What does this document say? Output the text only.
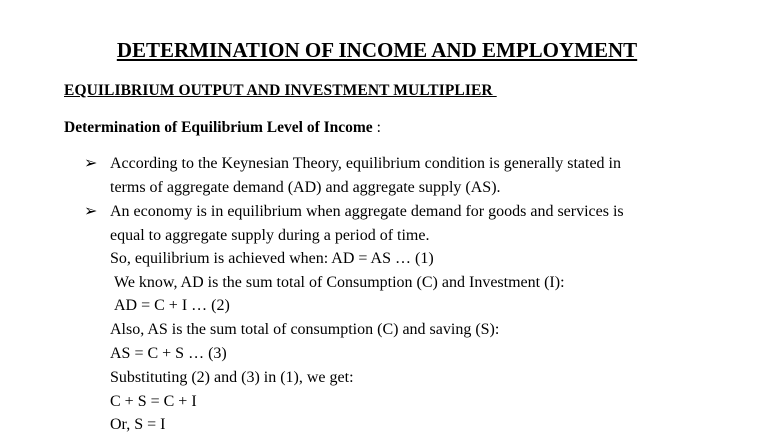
DETERMINATION OF INCOME AND EMPLOYMENT
EQUILIBRIUM OUTPUT AND INVESTMENT MULTIPLIER
Determination of Equilibrium Level of Income :
➢ According to the Keynesian Theory, equilibrium condition is generally stated in
terms of aggregate demand (AD) and aggregate supply (AS).
➢ An economy is in equilibrium when aggregate demand for goods and services is
equal to aggregate supply during a period of time.
So, equilibrium is achieved when: AD = AS … (1)
We know, AD is the sum total of Consumption (C) and Investment (I):
AD = C + I … (2)
Also, AS is the sum total of consumption (C) and saving (S):
AS = C + S … (3)
Substituting (2) and (3) in (1), we get:
C + S = C + I
Or, S = I
